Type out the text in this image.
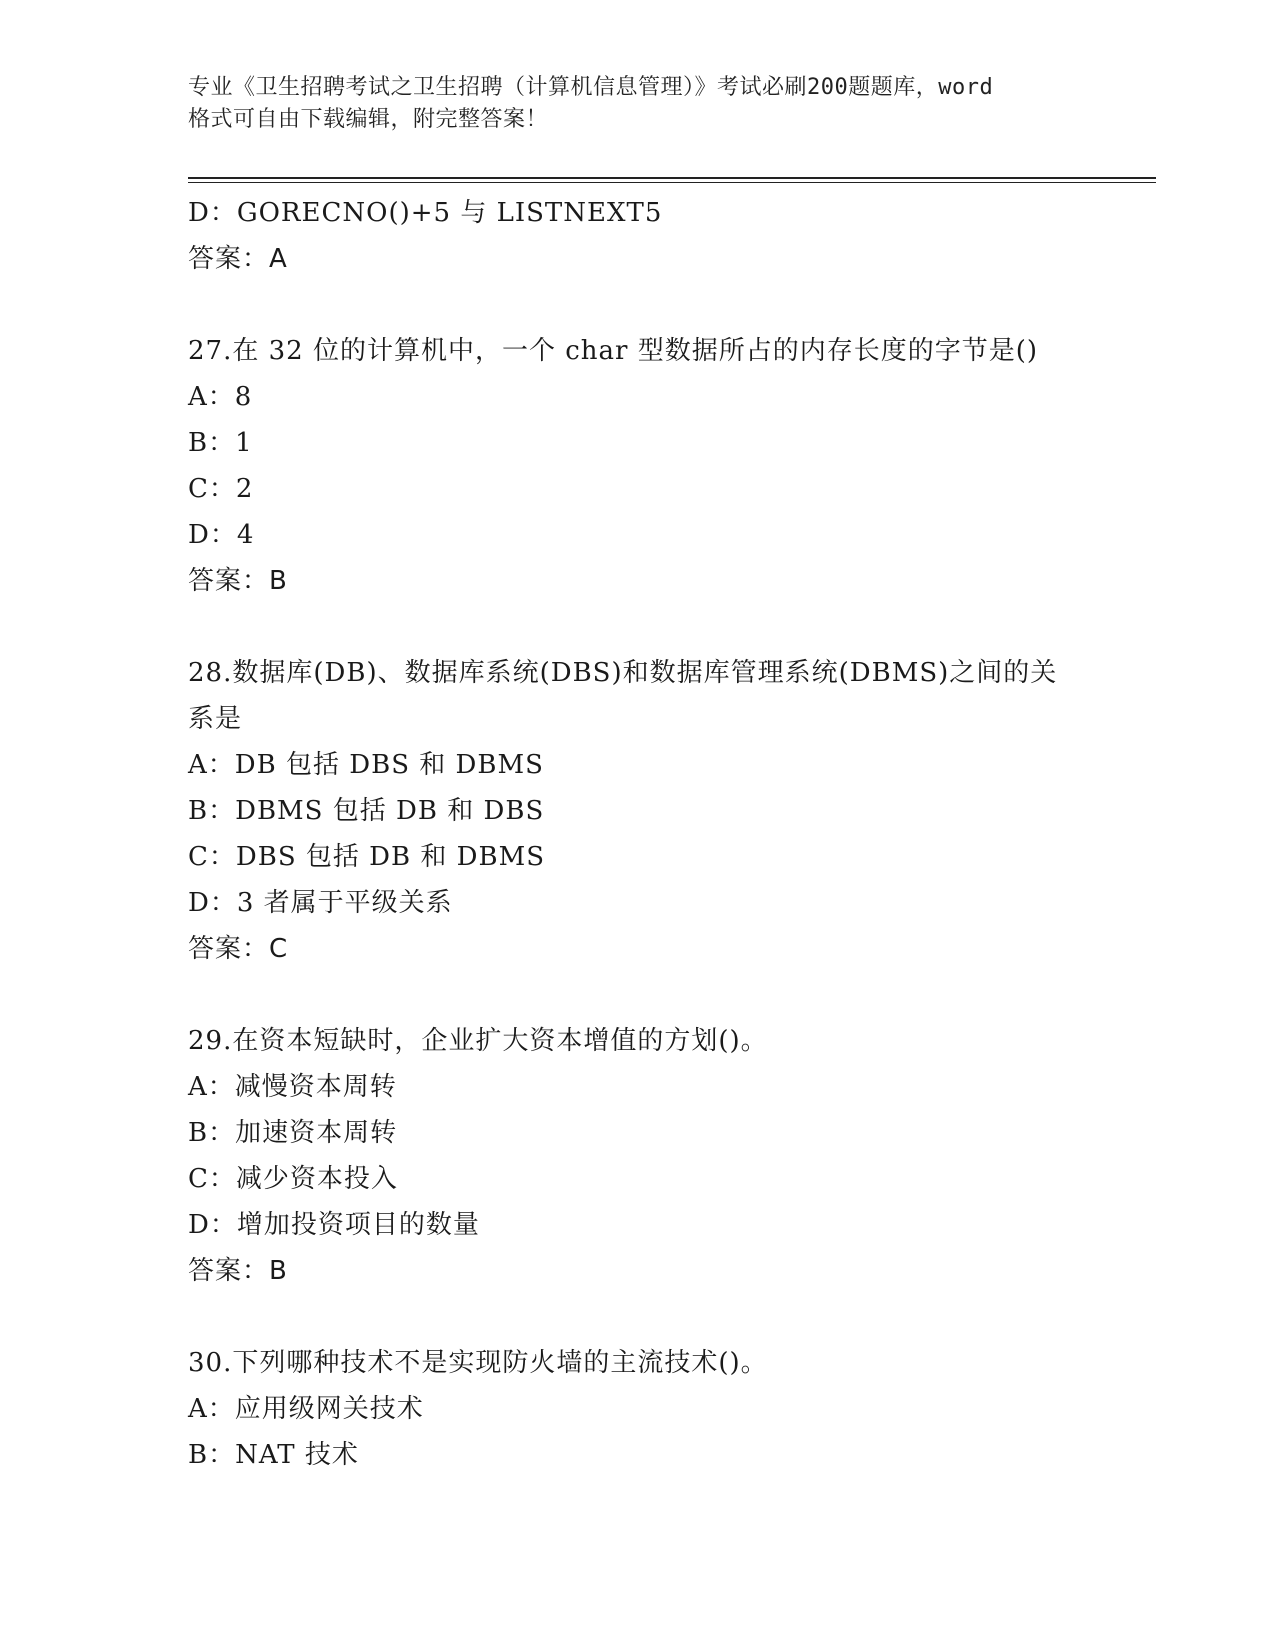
专业《卫生招聘考试之卫生招聘（计算机信息管理）》考试必刷200题题库，word
格式可自由下载编辑，附完整答案！
D：GORECNO()+5 与 LISTNEXT5
答案：A
27.在 32 位的计算机中，一个 char 型数据所占的内存长度的字节是()
A：8
B：1
C：2
D：4
答案：B
28.数据库(DB)、数据库系统(DBS)和数据库管理系统(DBMS)之间的关
系是
A：DB 包括 DBS 和 DBMS
B：DBMS 包括 DB 和 DBS
C：DBS 包括 DB 和 DBMS
D：3 者属于平级关系
答案：C
29.在资本短缺时，企业扩大资本增值的方划()。
A：减慢资本周转
B：加速资本周转
C：减少资本投入
D：增加投资项目的数量
答案：B
30.下列哪种技术不是实现防火墙的主流技术()。
A：应用级网关技术
B：NAT 技术
